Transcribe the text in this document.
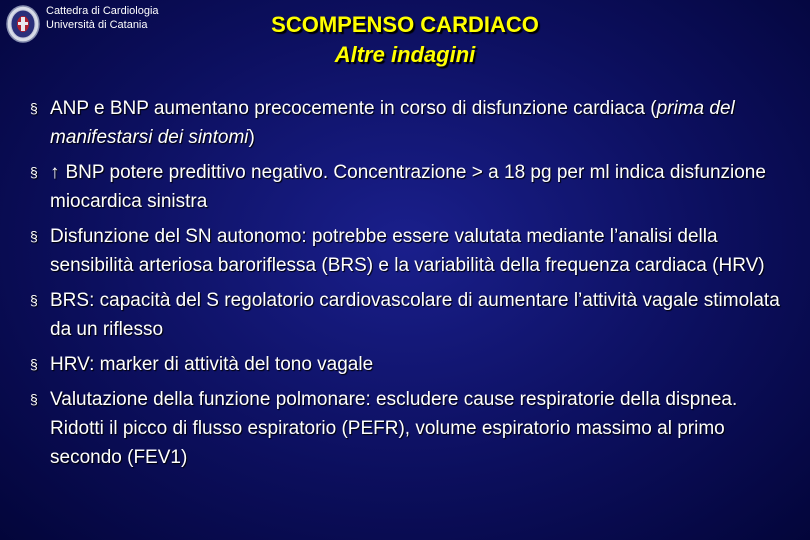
Cattedra di Cardiologia
Università di Catania	SCOMPENSO CARDIACO
Altre indagini
§ ANP e BNP aumentano precocemente in corso di disfunzione cardiaca (prima del manifestarsi dei sintomi)
§ ↑ BNP potere predittivo negativo. Concentrazione > a 18 pg per ml indica disfunzione miocardica sinistra
§ Disfunzione del SN autonomo: potrebbe essere valutata mediante l’analisi della sensibilità arteriosa baroriflessa (BRS) e la variabilità della frequenza cardiaca (HRV)
§ BRS: capacità del S regolatorio cardiovascolare di aumentare l’attività vagale stimolata da un riflesso
§ HRV: marker di attività del tono vagale
§ Valutazione della funzione polmonare: escludere cause respiratorie della dispnea. Ridotti il picco di flusso espiratorio (PEFR), volume espiratorio massimo al primo secondo (FEV1)
